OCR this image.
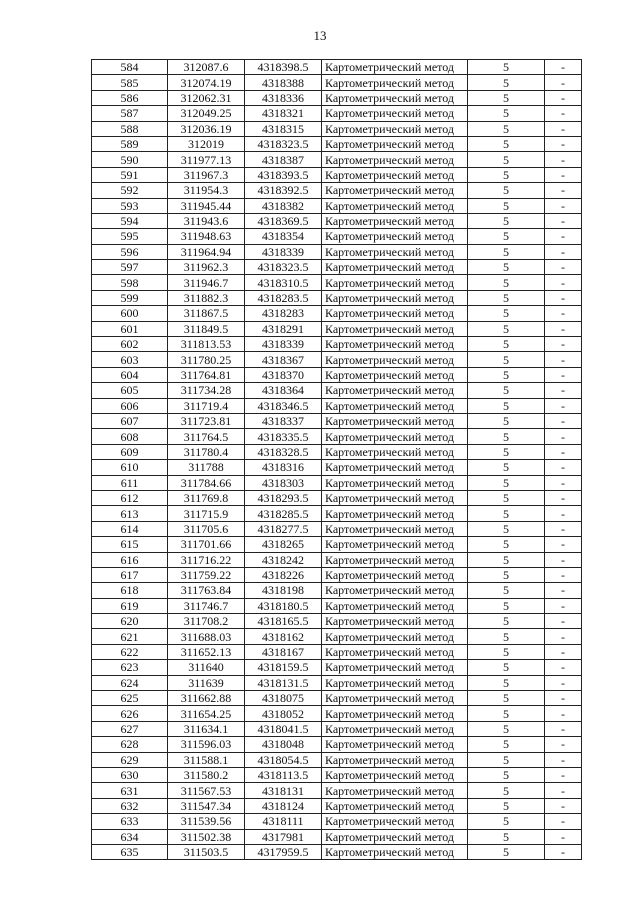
13
584	312087.6	4318398.5	Картометрический метод	5	-
585	312074.19	4318388	Картометрический метод	5	-
586	312062.31	4318336	Картометрический метод	5	-
587	312049.25	4318321	Картометрический метод	5	-
588	312036.19	4318315	Картометрический метод	5	-
589	312019	4318323.5	Картометрический метод	5	-
590	311977.13	4318387	Картометрический метод	5	-
591	311967.3	4318393.5	Картометрический метод	5	-
592	311954.3	4318392.5	Картометрический метод	5	-
593	311945.44	4318382	Картометрический метод	5	-
594	311943.6	4318369.5	Картометрический метод	5	-
595	311948.63	4318354	Картометрический метод	5	-
596	311964.94	4318339	Картометрический метод	5	-
597	311962.3	4318323.5	Картометрический метод	5	-
598	311946.7	4318310.5	Картометрический метод	5	-
599	311882.3	4318283.5	Картометрический метод	5	-
600	311867.5	4318283	Картометрический метод	5	-
601	311849.5	4318291	Картометрический метод	5	-
602	311813.53	4318339	Картометрический метод	5	-
603	311780.25	4318367	Картометрический метод	5	-
604	311764.81	4318370	Картометрический метод	5	-
605	311734.28	4318364	Картометрический метод	5	-
606	311719.4	4318346.5	Картометрический метод	5	-
607	311723.81	4318337	Картометрический метод	5	-
608	311764.5	4318335.5	Картометрический метод	5	-
609	311780.4	4318328.5	Картометрический метод	5	-
610	311788	4318316	Картометрический метод	5	-
611	311784.66	4318303	Картометрический метод	5	-
612	311769.8	4318293.5	Картометрический метод	5	-
613	311715.9	4318285.5	Картометрический метод	5	-
614	311705.6	4318277.5	Картометрический метод	5	-
615	311701.66	4318265	Картометрический метод	5	-
616	311716.22	4318242	Картометрический метод	5	-
617	311759.22	4318226	Картометрический метод	5	-
618	311763.84	4318198	Картометрический метод	5	-
619	311746.7	4318180.5	Картометрический метод	5	-
620	311708.2	4318165.5	Картометрический метод	5	-
621	311688.03	4318162	Картометрический метод	5	-
622	311652.13	4318167	Картометрический метод	5	-
623	311640	4318159.5	Картометрический метод	5	-
624	311639	4318131.5	Картометрический метод	5	-
625	311662.88	4318075	Картометрический метод	5	-
626	311654.25	4318052	Картометрический метод	5	-
627	311634.1	4318041.5	Картометрический метод	5	-
628	311596.03	4318048	Картометрический метод	5	-
629	311588.1	4318054.5	Картометрический метод	5	-
630	311580.2	4318113.5	Картометрический метод	5	-
631	311567.53	4318131	Картометрический метод	5	-
632	311547.34	4318124	Картометрический метод	5	-
633	311539.56	4318111	Картометрический метод	5	-
634	311502.38	4317981	Картометрический метод	5	-
635	311503.5	4317959.5	Картометрический метод	5	-
